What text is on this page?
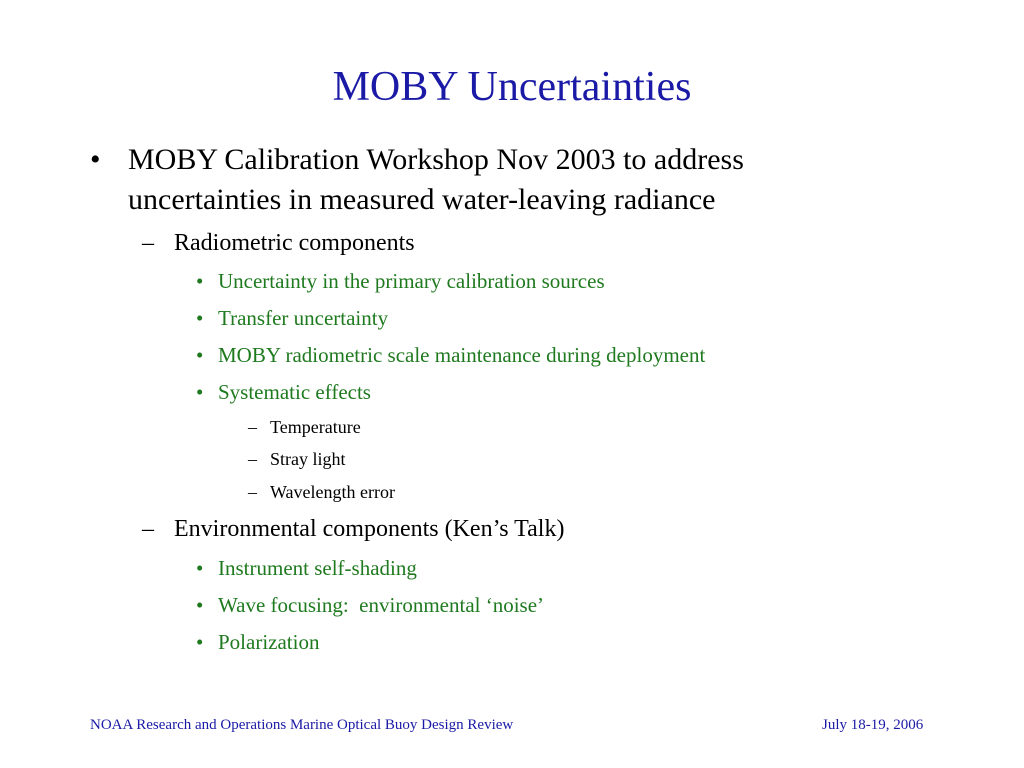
MOBY Uncertainties
• MOBY Calibration Workshop Nov 2003 to address
uncertainties in measured water-leaving radiance
– Radiometric components
• Uncertainty in the primary calibration sources
• Transfer uncertainty
• MOBY radiometric scale maintenance during deployment
• Systematic effects
– Temperature
– Stray light
– Wavelength error
– Environmental components (Ken’s Talk)
• Instrument self-shading
• Wave focusing:  environmental ‘noise’
• Polarization
NOAA Research and Operations Marine Optical Buoy Design Review	July 18-19, 2006
